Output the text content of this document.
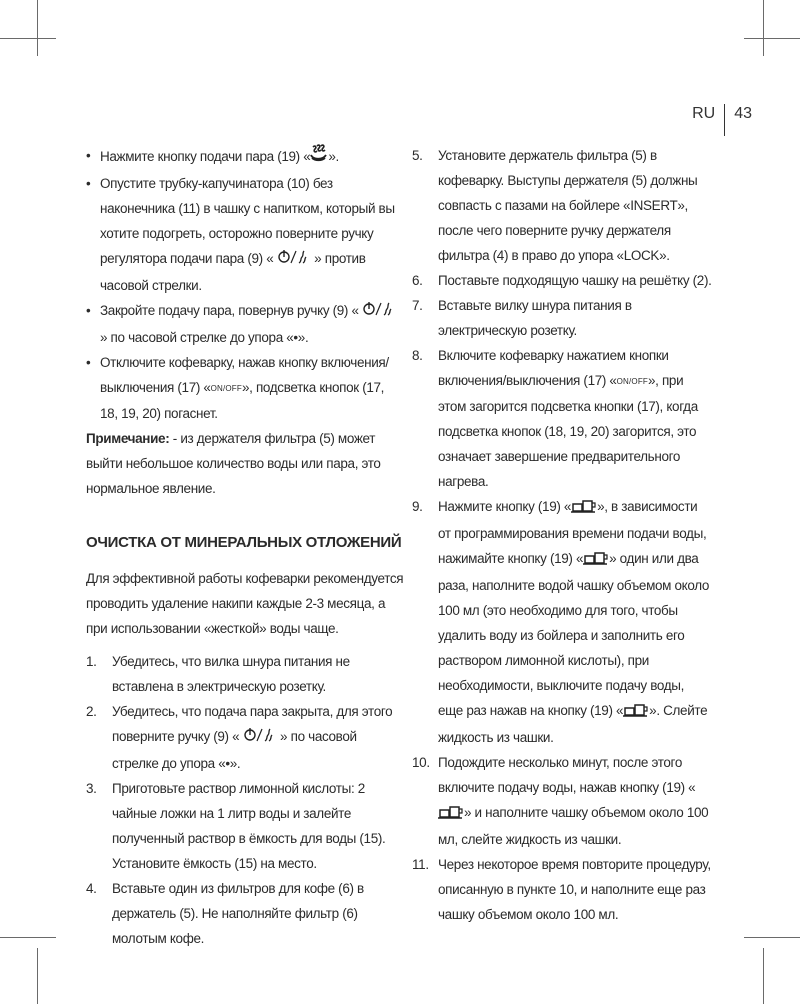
RU	43
• Нажмите кнопку подачи пара (19) « ».
• Опустите трубку-капучинатора (10) без наконечника (11) в чашку с напитком, который вы хотите подогреть, осторожно поверните ручку регулятора подачи пара (9) «	» против часовой стрелки.
• Закройте подачу пара, повернув ручку (9) «  » по часовой стрелке до упора «•».
• Отключите кофеварку, нажав кнопку включения/выключения (17) «ON/OFF», подсветка кнопок (17, 18, 19, 20) погаснет.

Примечание: - из держателя фильтра (5) может выйти небольшое количество воды или пара, это нормальное явление.

ОЧИСТКА ОТ МИНЕРАЛЬНЫХ ОТЛОЖЕНИЙ

Для эффективной работы кофеварки рекомендуется проводить удаление накипи каждые 2-3 месяца, а при использовании «жесткой» воды чаще.

1. Убедитесь, что вилка шнура питания не вставлена в электрическую розетку.
2. Убедитесь, что подача пара закрыта, для этого поверните ручку (9) «	» по часовой стрелке до упора «•».
3. Приготовьте раствор лимонной кислоты: 2 чайные ложки на 1 литр воды и залейте полученный раствор в ёмкость для воды (15). Установите ёмкость (15) на место.
4. Вставьте один из фильтров для кофе (6) в держатель (5). Не наполняйте фильтр (6) молотым кофе.
5. Установите держатель фильтра (5) в кофеварку. Выступы держателя (5) должны совпасть с пазами на бойлере «INSERT», после чего поверните ручку держателя фильтра (4) в право до упора «LOCK».
6. Поставьте подходящую чашку на решётку (2).
7. Вставьте вилку шнура питания в электрическую розетку.
8. Включите кофеварку нажатием кнопки включения/выключения (17) «ON/OFF», при этом загорится подсветка кнопки (17), когда подсветка кнопок (18, 19, 20) загорится, это означает завершение предварительного нагрева.
9. Нажмите кнопку (19) « », в зависимости от программирования времени подачи воды, нажимайте кнопку (19) « » один или два раза, наполните водой чашку объемом около 100 мл (это необходимо для того, чтобы удалить воду из бойлера и заполнить его раствором лимонной кислоты), при необходимости, выключите подачу воды, еще раз нажав на кнопку (19) « ». Слейте жидкость из чашки.
10. Подождите несколько минут, после этого включите подачу воды, нажав кнопку (19) «» и наполните чашку объемом около 100 мл, слейте жидкость из чашки.
11. Через некоторое время повторите процедуру, описанную в пункте 10, и наполните еще раз чашку объемом около 100 мл.
